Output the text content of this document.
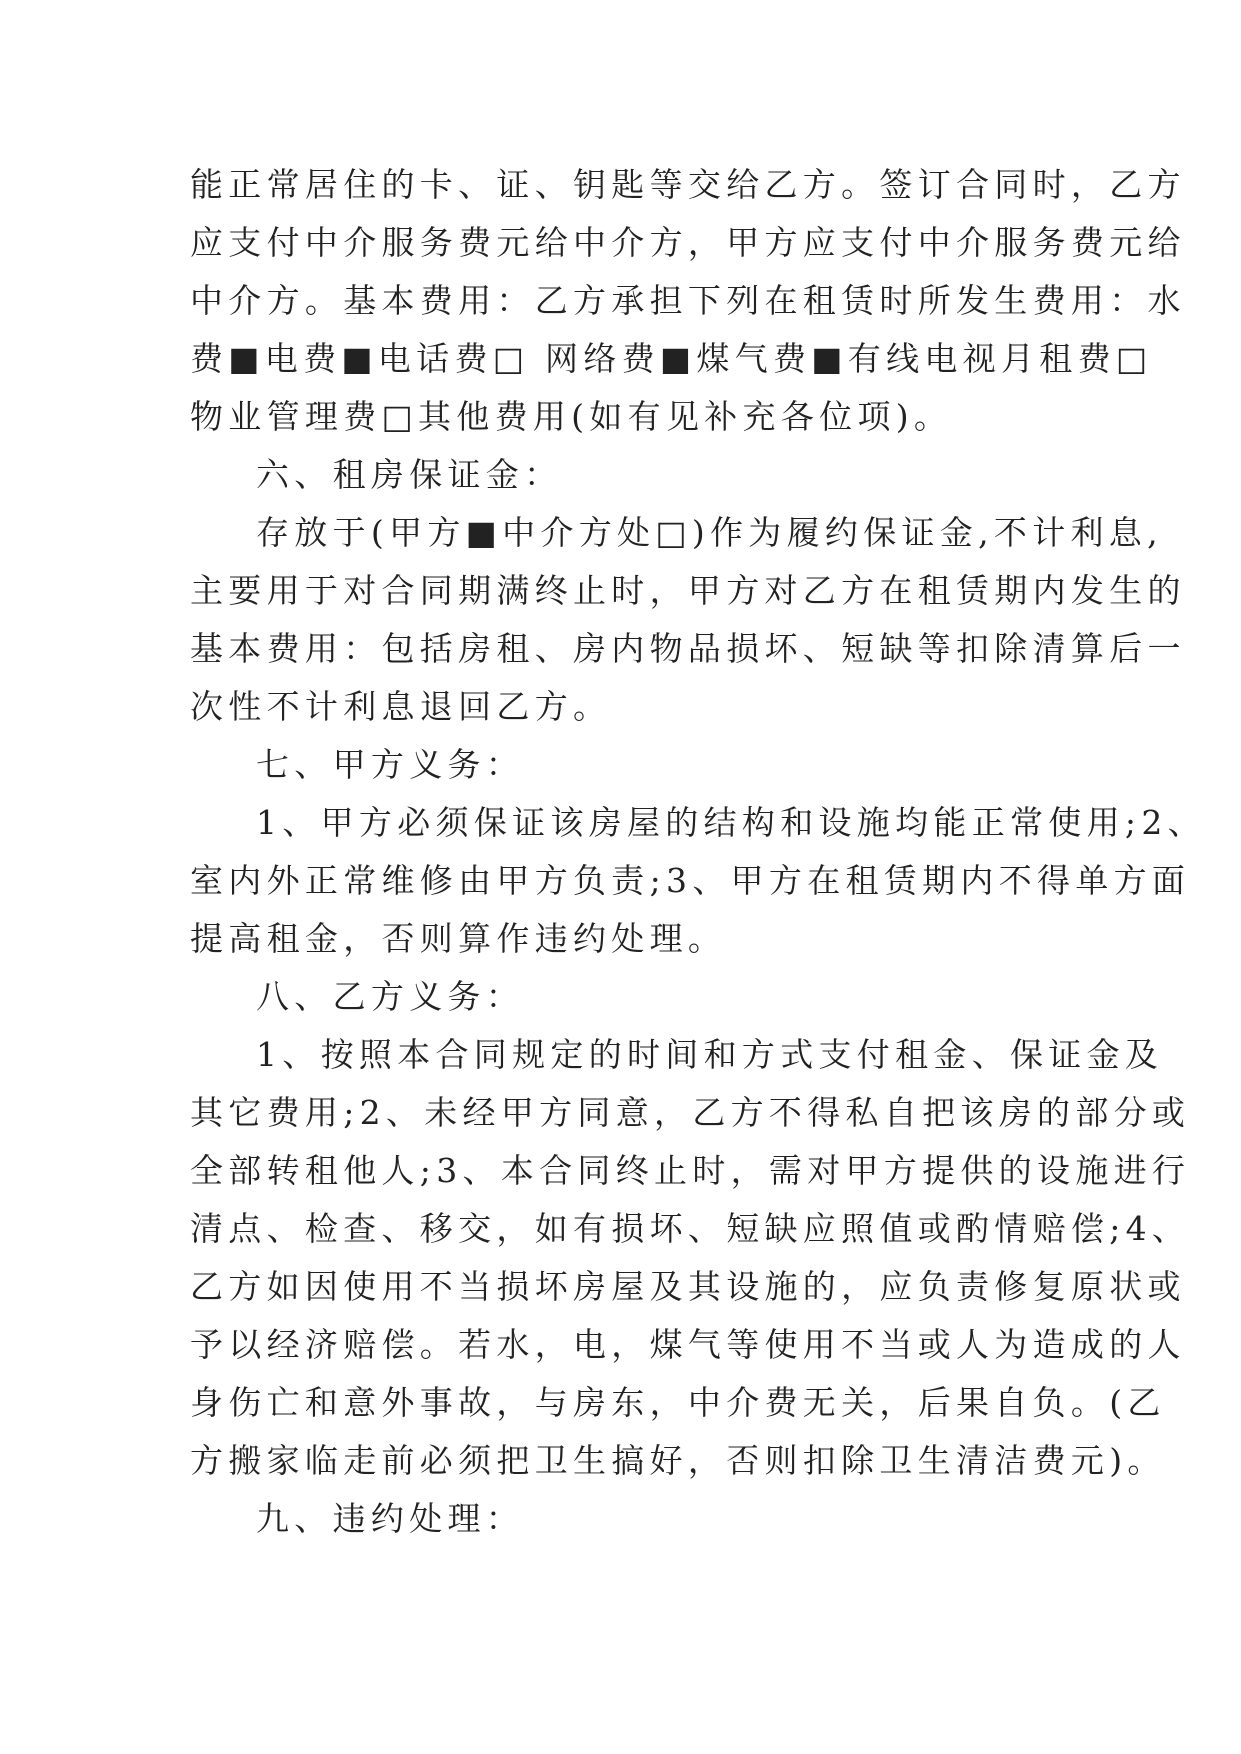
能正常居住的卡、证、钥匙等交给乙方。签订合同时，乙方

应支付中介服务费元给中介方，甲方应支付中介服务费元给

中介方。基本费用：乙方承担下列在租赁时所发生费用：水

费■电费■电话费□ 网络费■煤气费■有线电视月租费□

物业管理费□其他费用(如有见补充各位项)。

六、租房保证金：

存放于(甲方■中介方处□)作为履约保证金,不计利息,

主要用于对合同期满终止时，甲方对乙方在租赁期内发生的

基本费用：包括房租、房内物品损坏、短缺等扣除清算后一

次性不计利息退回乙方。

七、甲方义务：

1、甲方必须保证该房屋的结构和设施均能正常使用;2、

室内外正常维修由甲方负责;3、甲方在租赁期内不得单方面

提高租金，否则算作违约处理。

八、乙方义务：

1、按照本合同规定的时间和方式支付租金、保证金及

其它费用;2、未经甲方同意，乙方不得私自把该房的部分或

全部转租他人;3、本合同终止时，需对甲方提供的设施进行

清点、检查、移交，如有损坏、短缺应照值或酌情赔偿;4、

乙方如因使用不当损坏房屋及其设施的，应负责修复原状或

予以经济赔偿。若水，电，煤气等使用不当或人为造成的人

身伤亡和意外事故，与房东，中介费无关，后果自负。(乙

方搬家临走前必须把卫生搞好，否则扣除卫生清洁费元)。

九、违约处理：
